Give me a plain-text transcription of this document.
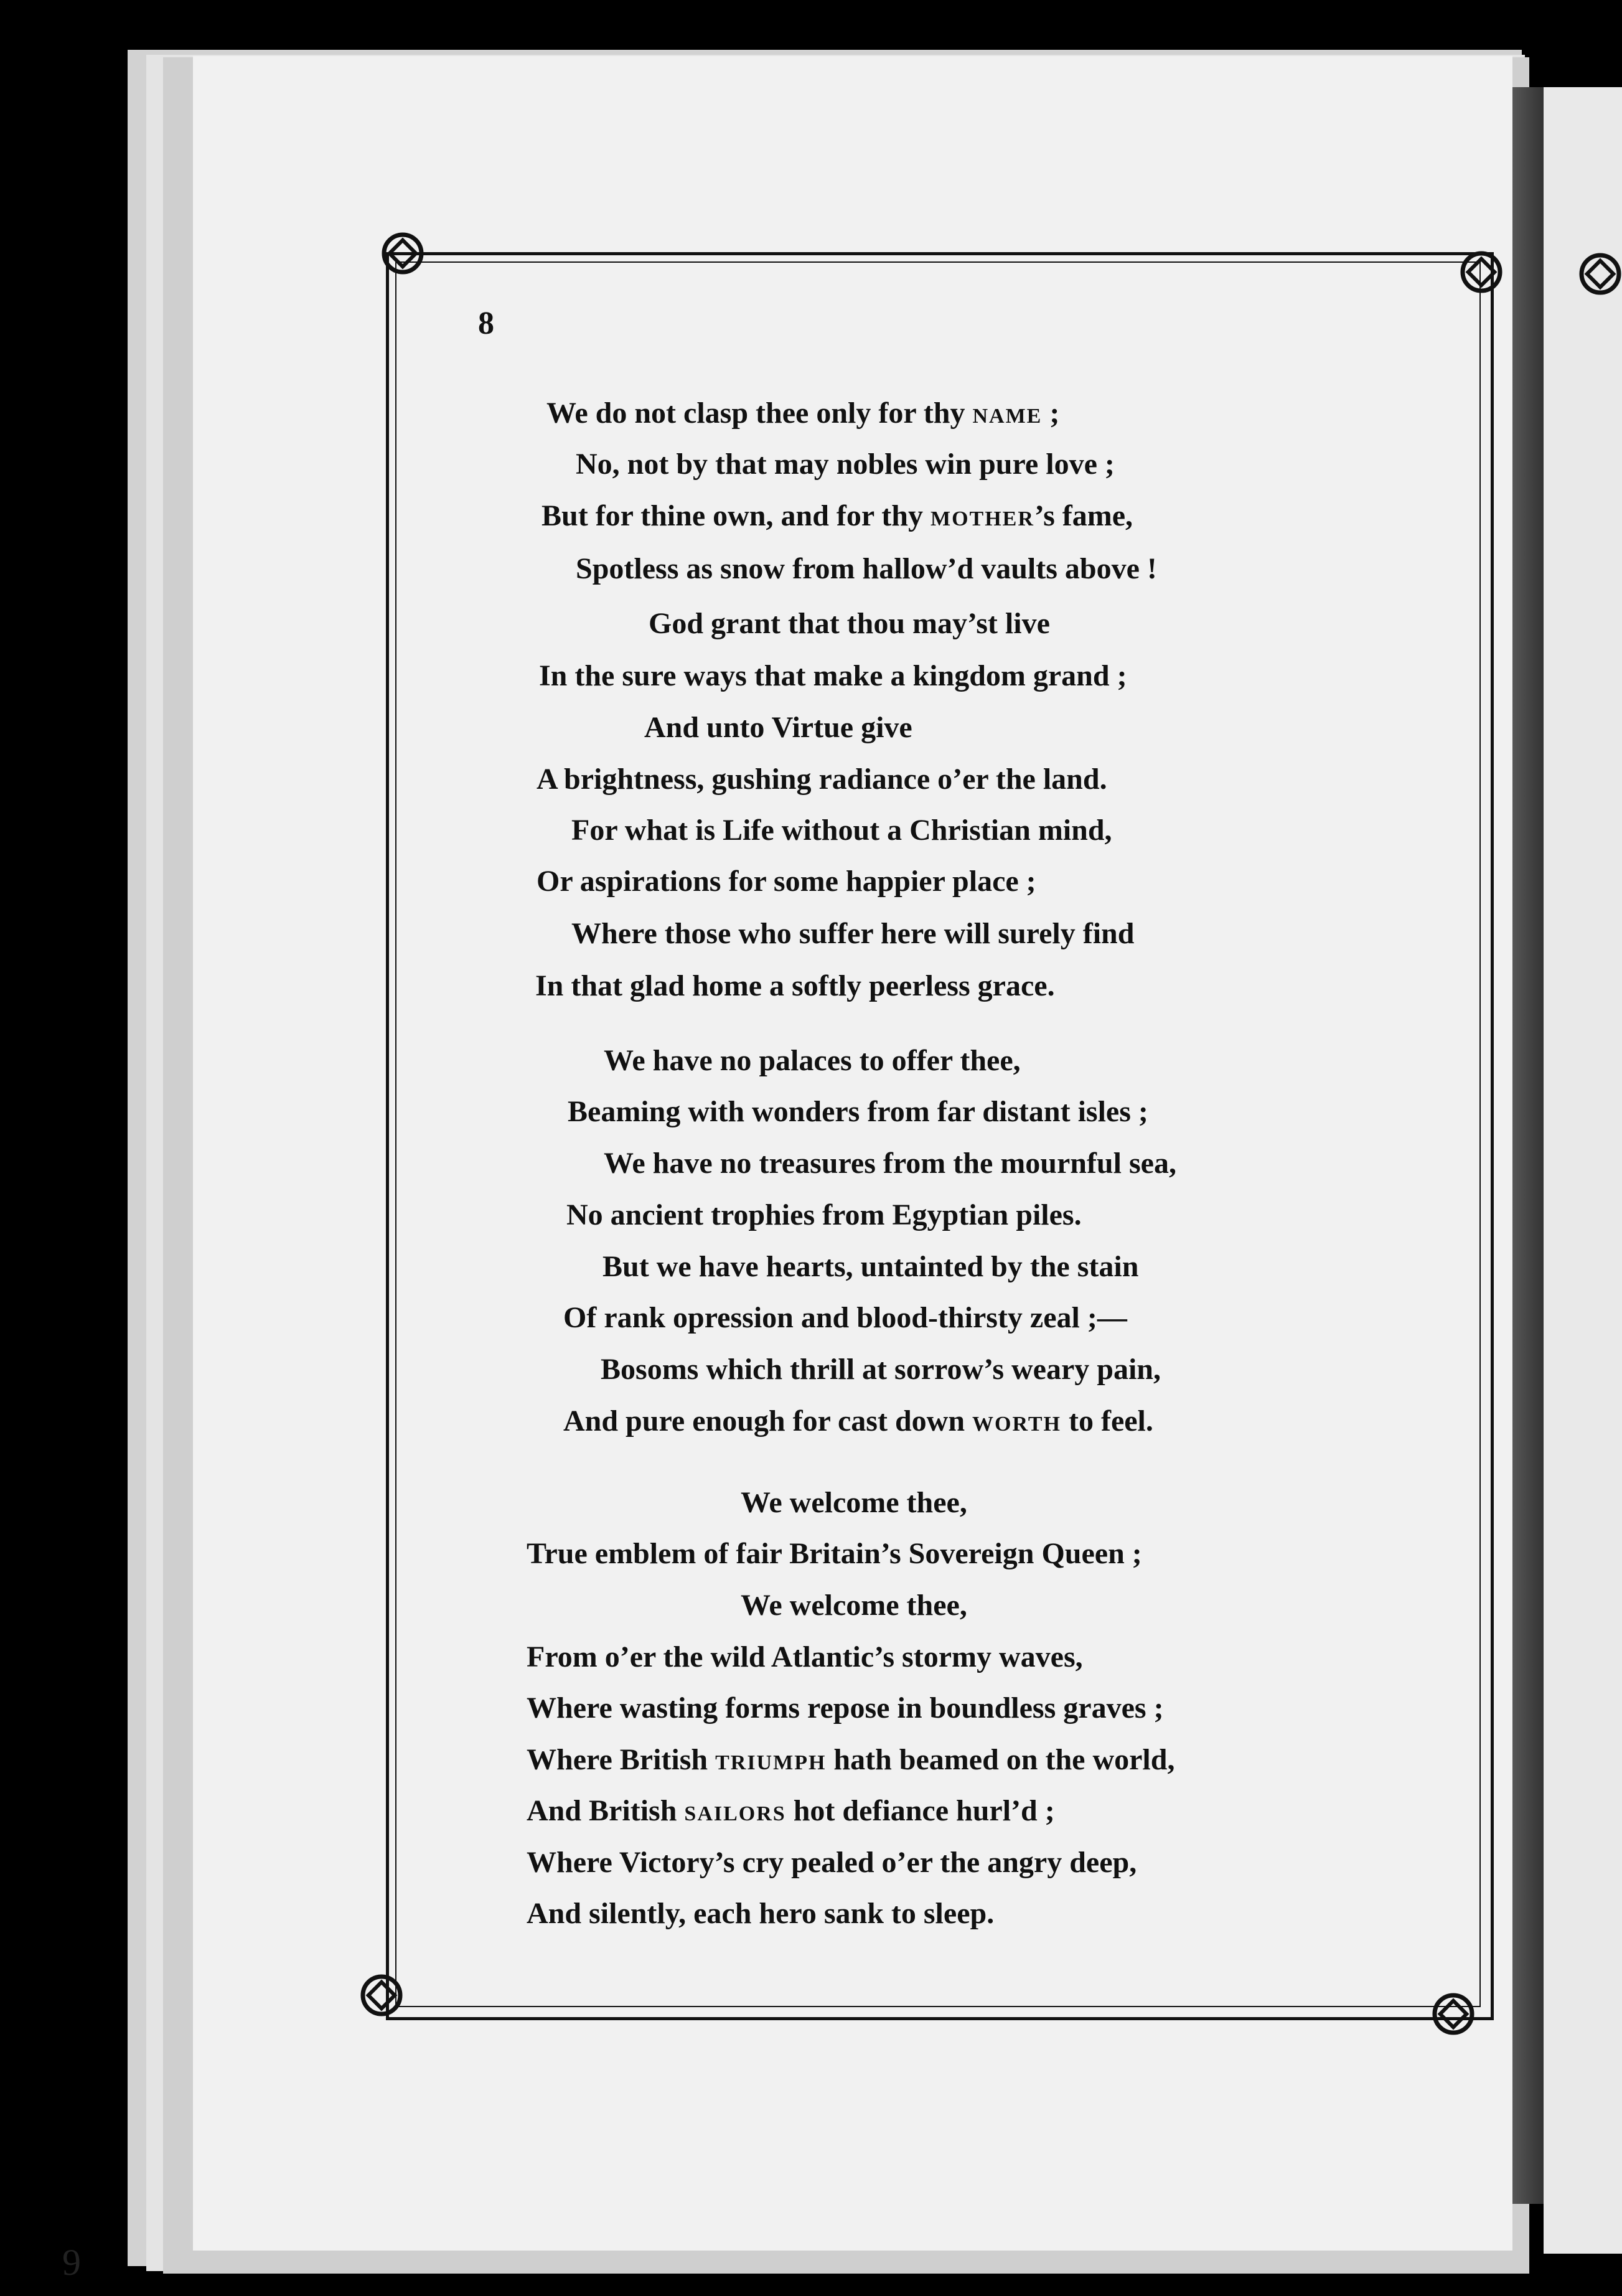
8
We do not clasp thee only for thy name ;
No, not by that may nobles win pure love ;
But for thine own, and for thy mother’s fame,
Spotless as snow from hallow’d vaults above !
God grant that thou may’st live
In the sure ways that make a kingdom grand ;
And unto Virtue give
A brightness, gushing radiance o’er the land.
For what is Life without a Christian mind,
Or aspirations for some happier place ;
Where those who suffer here will surely find
In that glad home a softly peerless grace.
We have no palaces to offer thee,
Beaming with wonders from far distant isles ;
We have no treasures from the mournful sea,
No ancient trophies from Egyptian piles.
But we have hearts, untainted by the stain
Of rank opression and blood-thirsty zeal ;—
Bosoms which thrill at sorrow’s weary pain,
And pure enough for cast down worth to feel.
We welcome thee,
True emblem of fair Britain’s Sovereign Queen ;
We welcome thee,
From o’er the wild Atlantic’s stormy waves,
Where wasting forms repose in boundless graves ;
Where British triumph hath beamed on the world,
And British sailors hot defiance hurl’d ;
Where Victory’s cry pealed o’er the angry deep,
And silently, each hero sank to sleep.
9
